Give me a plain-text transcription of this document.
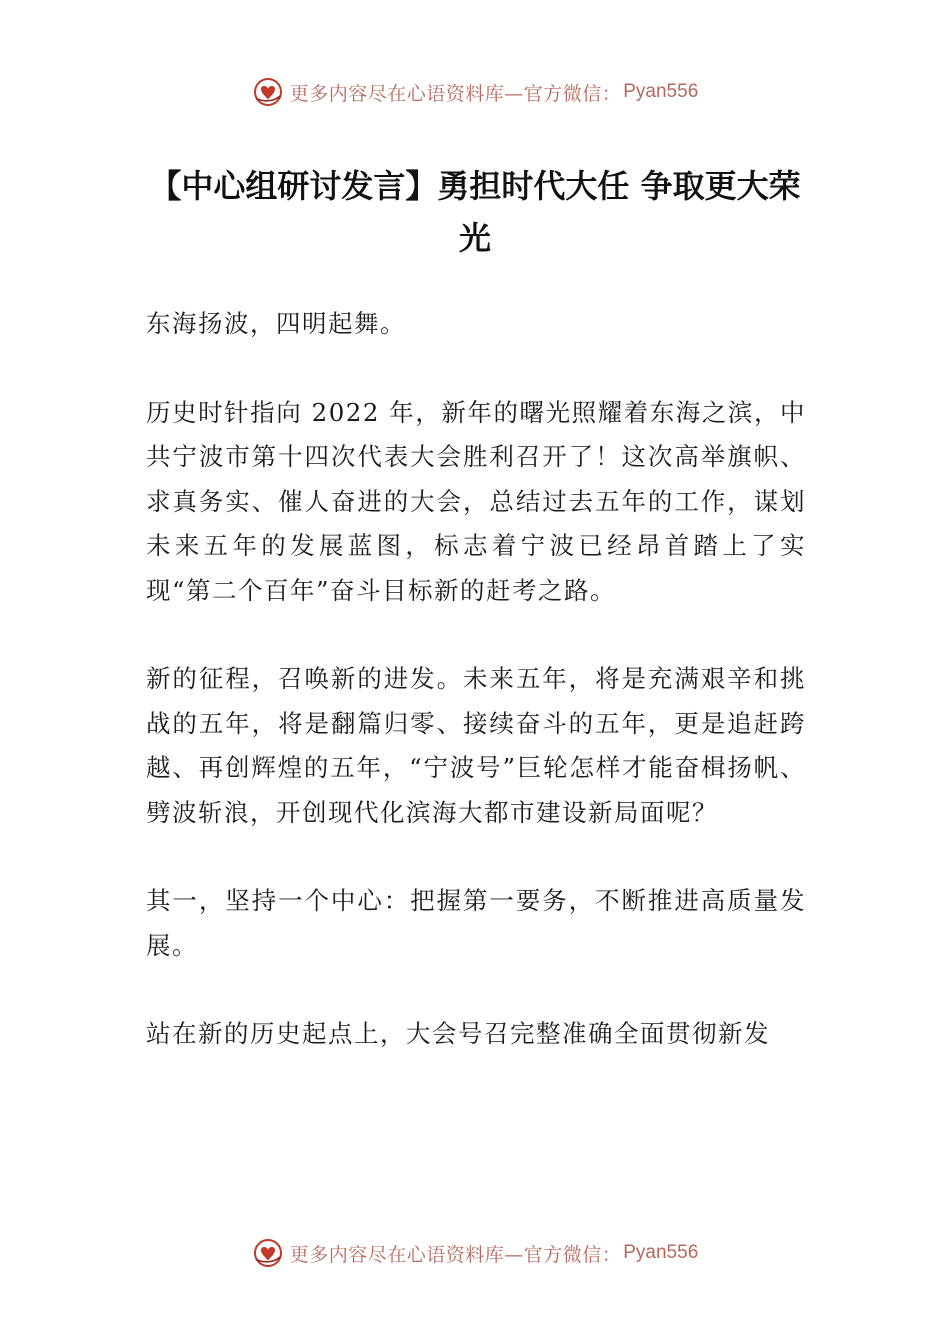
更多内容尽在心语资料库—官方微信： Pyan556
【中心组研讨发言】勇担时代大任 争取更大荣光

东海扬波，四明起舞。

历史时针指向 2022 年，新年的曙光照耀着东海之滨，中共宁波市第十四次代表大会胜利召开了！这次高举旗帜、求真务实、催人奋进的大会，总结过去五年的工作，谋划未来五年的发展蓝图，标志着宁波已经昂首踏上了实现“第二个百年”奋斗目标新的赶考之路。

新的征程，召唤新的进发。未来五年，将是充满艰辛和挑战的五年，将是翻篇归零、接续奋斗的五年，更是追赶跨越、再创辉煌的五年，“宁波号”巨轮怎样才能奋楫扬帆、劈波斩浪，开创现代化滨海大都市建设新局面呢？

其一，坚持一个中心：把握第一要务，不断推进高质量发展。

站在新的历史起点上，大会号召完整准确全面贯彻新发

更多内容尽在心语资料库—官方微信： Pyan556
